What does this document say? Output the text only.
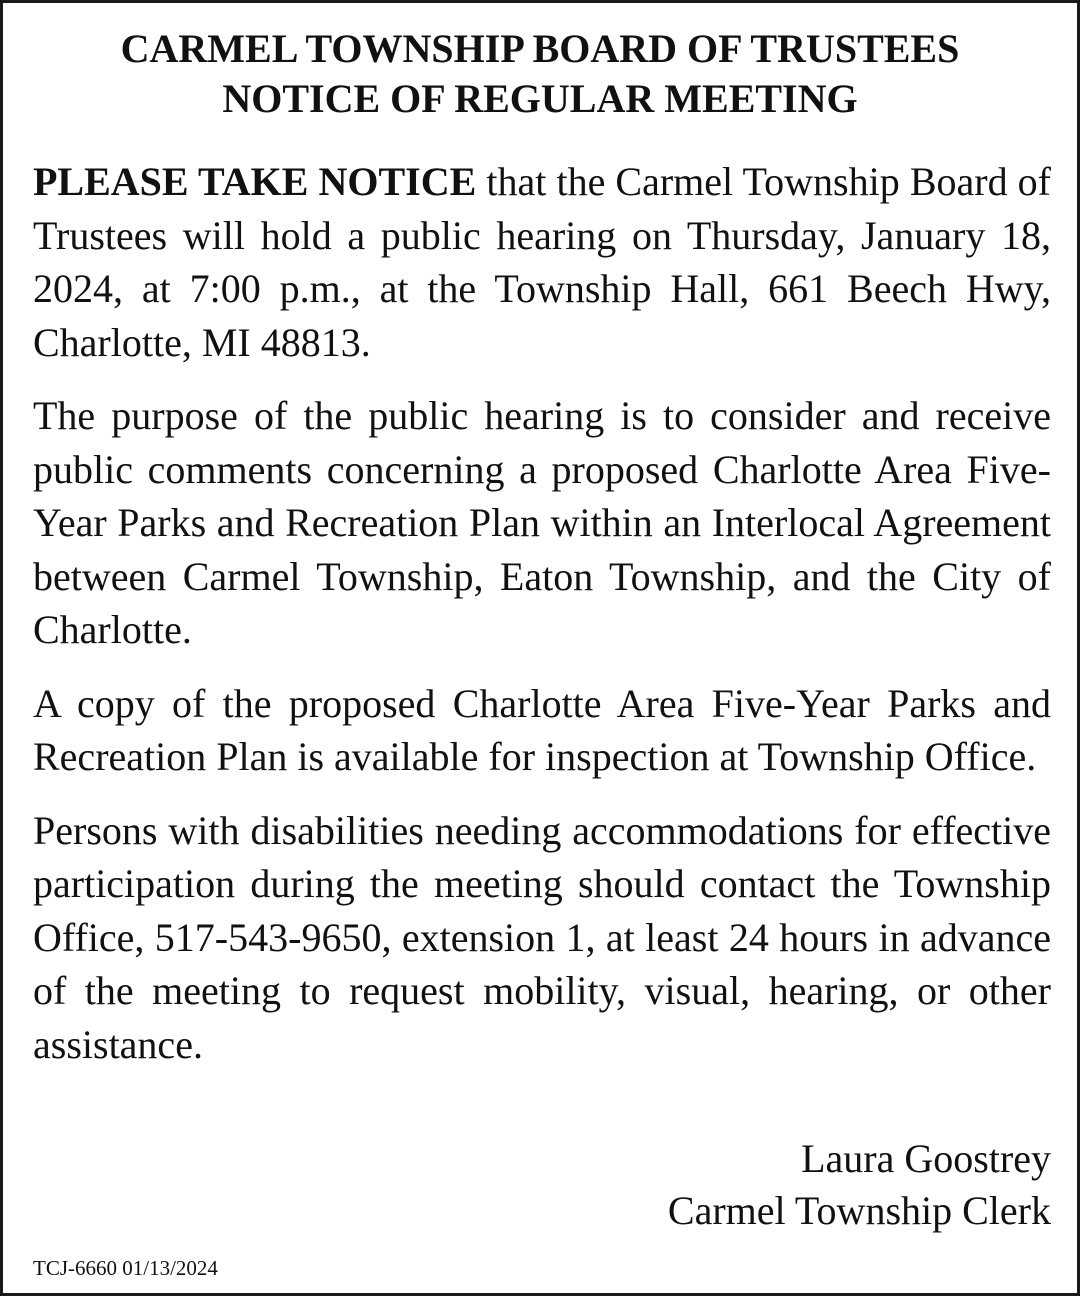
CARMEL TOWNSHIP BOARD OF TRUSTEES
NOTICE OF REGULAR MEETING

PLEASE TAKE NOTICE that the Carmel Township Board of Trustees will hold a public hearing on Thursday, January 18, 2024, at 7:00 p.m., at the Township Hall, 661 Beech Hwy, Charlotte, MI 48813.

The purpose of the public hearing is to consider and receive public comments concerning a proposed Charlotte Area Five-Year Parks and Recreation Plan within an Interlocal Agreement between Carmel Township, Eaton Township, and the City of Charlotte.

A copy of the proposed Charlotte Area Five-Year Parks and Recreation Plan is available for inspection at Township Office.

Persons with disabilities needing accommodations for effective participation during the meeting should contact the Township Office, 517-543-9650, extension 1, at least 24 hours in advance of the meeting to request mobility, visual, hearing, or other assistance.

Laura Goostrey
Carmel Township Clerk
TCJ-6660 01/13/2024
